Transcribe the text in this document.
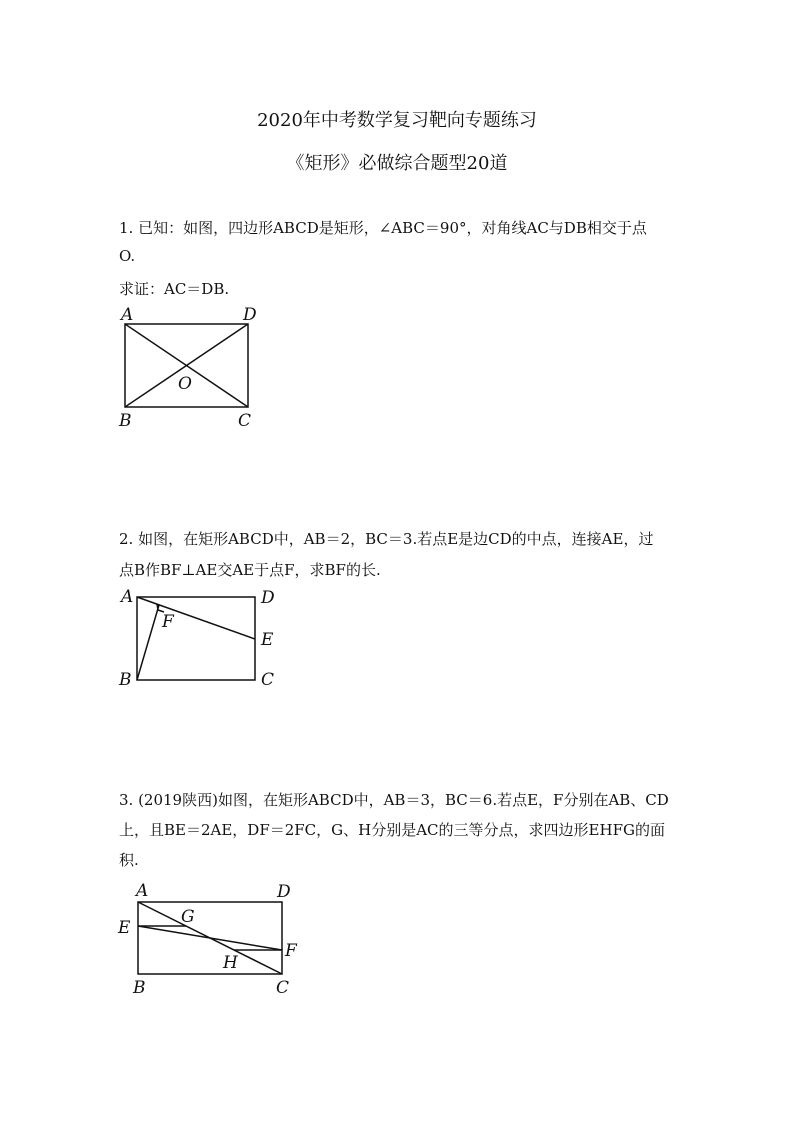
2020年中考数学复习靶向专题练习
《矩形》必做综合题型20道
1. 已知：如图，四边形ABCD是矩形，∠ABC＝90°，对角线AC与DB相交于点
O.
求证：AC＝DB.
A	D
B	C
O
A	D
F
E
B	C
A	D
E
G
F
H
B	C
2. 如图，在矩形ABCD中，AB＝2，BC＝3.若点E是边CD的中点，连接AE，过
点B作BF⊥AE交AE于点F，求BF的长.
3. (2019陕西)如图，在矩形ABCD中，AB＝3，BC＝6.若点E，F分别在AB、CD
上，且BE＝2AE，DF＝2FC，G、H分别是AC的三等分点，求四边形EHFG的面
积.
